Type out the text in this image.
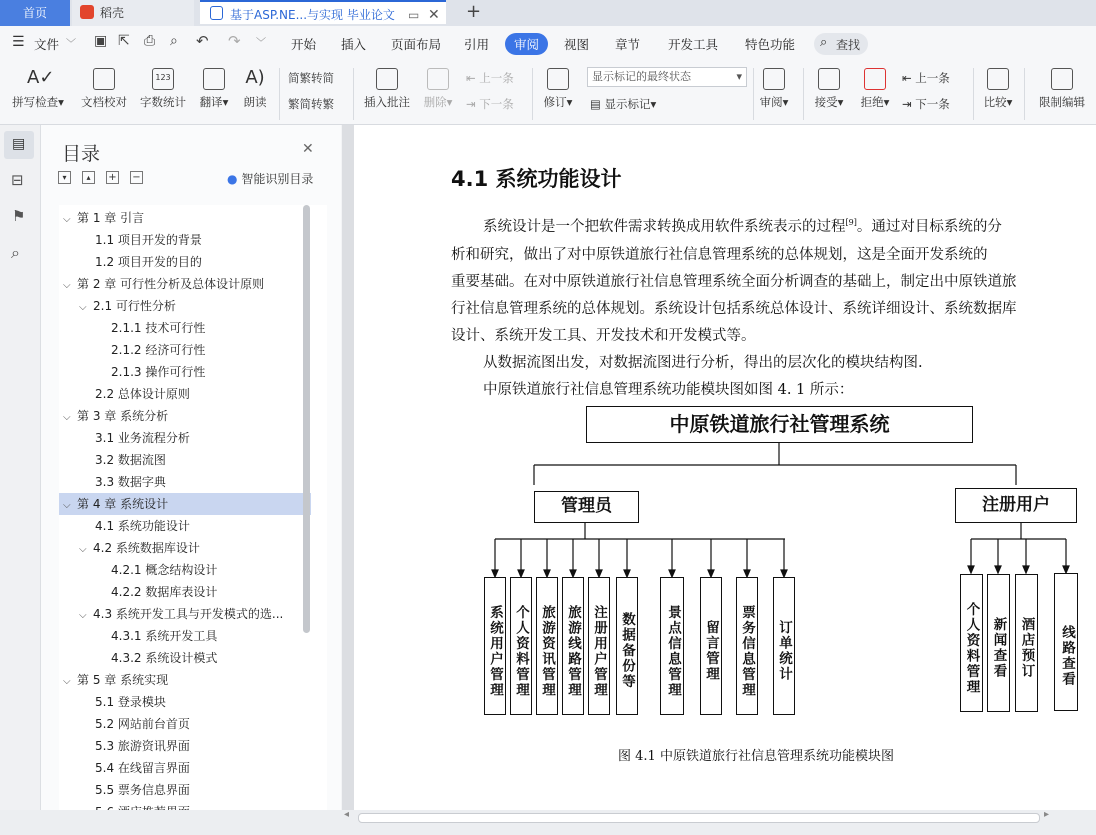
首页	稻壳	基于ASP.NE...与实现 毕业论文 ▭ ✕ +
☰ 文件 ﹀ ▣ ⇱ ⎙ ⌕ ↶ ↷ ﹀ 开始 插入 页面布局 引用	审阅	视图 章节 开发工具 特色功能 ⌕ 查找
A✓
拼写检查▾	文档校对
123
字数统计	翻译▾
A)
朗读
简繁转简
繁简转繁	插入批注	删除▾
⇤ 上一条
⇥ 下一条	修订▾
显示标记的最终状态	▾
▤ 显示标记▾	审阅▾	接受▾	拒绝▾
⇤ 上一条
⇥ 下一条	比较▾	限制编辑
▤
⊟
⚑
⌕
目录	✕
▾	▴	+ −	● 智能识别目录
⌵ 第 1 章 引言
1.1 项目开发的背景
1.2 项目开发的目的
⌵ 第 2 章 可行性分析及总体设计原则
⌵ 2.1 可行性分析
2.1.1 技术可行性
2.1.2 经济可行性
2.1.3 操作可行性
2.2 总体设计原则
⌵ 第 3 章 系统分析
3.1 业务流程分析
3.2 数据流图
3.3 数据字典
⌵ 第 4 章 系统设计
4.1 系统功能设计
⌵ 4.2 系统数据库设计
4.2.1 概念结构设计
4.2.2 数据库表设计
⌵ 4.3 系统开发工具与开发模式的选...
4.3.1 系统开发工具
4.3.2 系统设计模式
⌵ 第 5 章 系统实现
5.1 登录模块
5.2 网站前台首页
5.3 旅游资讯界面
5.4 在线留言界面
5.5 票务信息界面
4.1 系统功能设计
系统设计是一个把软件需求转换成用软件系统表示的过程[9]。通过对目标系统的分
析和研究，做出了对中原铁道旅行社信息管理系统的总体规划，这是全面开发系统的
重要基础。在对中原铁道旅行社信息管理系统全面分析调查的基础上，制定出中原铁道旅
行社信息管理系统的总体规划。系统设计包括系统总体设计、系统详细设计、系统数据库
设计、系统开发工具、开发技术和开发模式等。
从数据流图出发，对数据流图进行分析，得出的层次化的模块结构图.
中原铁道旅行社信息管理系统功能模块图如图 4. 1 所示：
中原铁道旅行社管理系统
管理员	注册用户
系统用户管理 个人资料管理 旅游资讯管理 旅游线路管理 注册用户管理 数据备份等	景点信息管理 留言管理 票务信息管理 订单统计	个人资料管理 新闻查看 酒店预订	线路查看
图 4.1 中原铁道旅行社信息管理系统功能模块图
◂	▸
